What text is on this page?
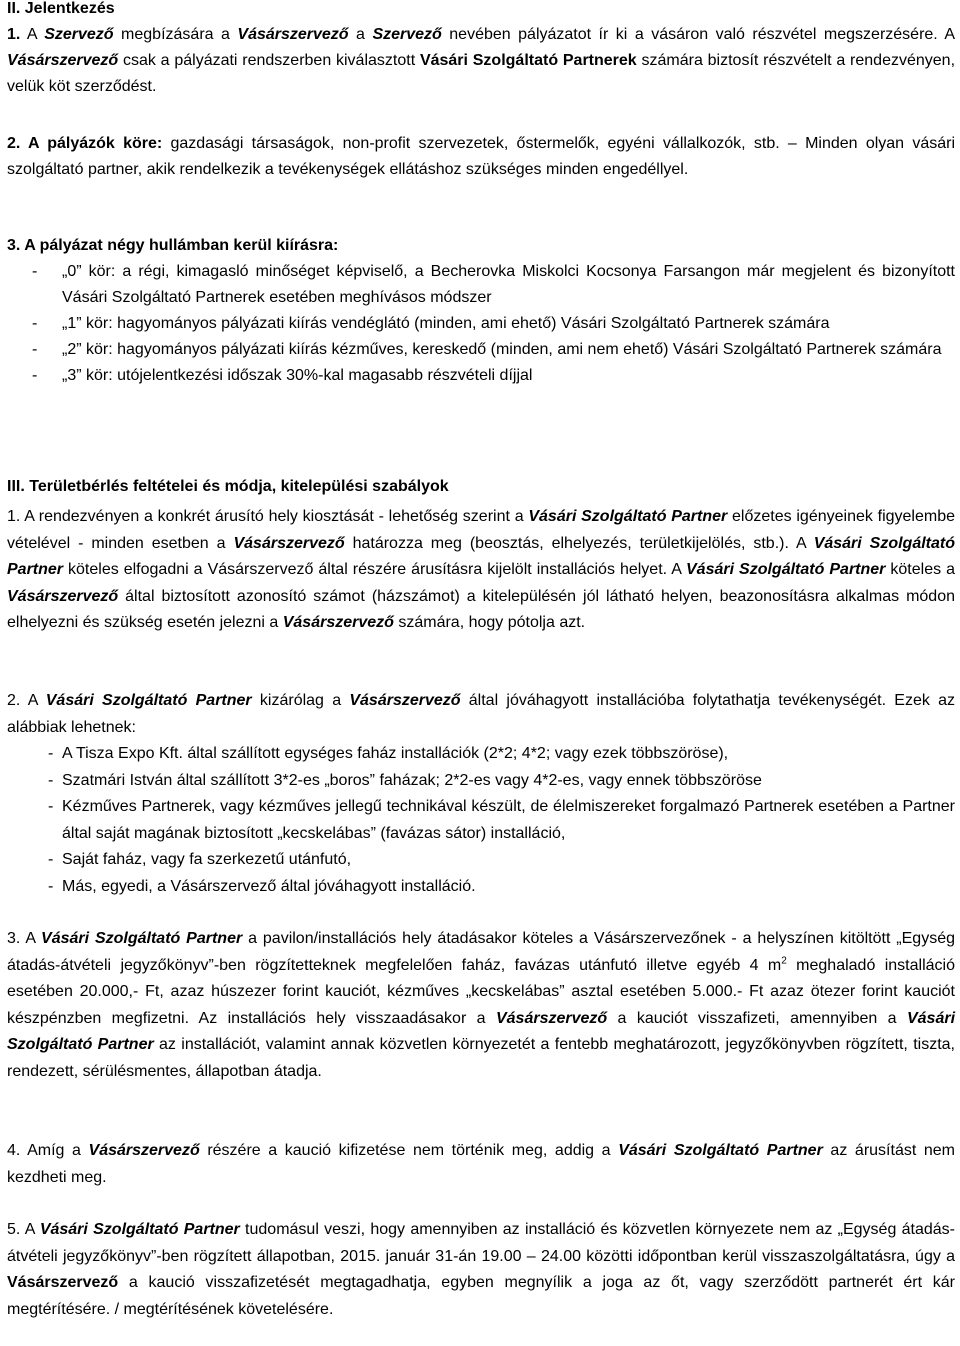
II. Jelentkezés

1. A Szervező megbízására a Vásárszervező a Szervező nevében pályázatot ír ki a vásáron való részvétel megszerzésére. A Vásárszervező csak a pályázati rendszerben kiválasztott Vásári Szolgáltató Partnerek számára biztosít részvételt a rendezvényen, velük köt szerződést.

2. A pályázók köre: gazdasági társaságok, non-profit szervezetek, őstermelők, egyéni vállalkozók, stb. – Minden olyan vásári szolgáltató partner, akik rendelkezik a tevékenységek ellátáshoz szükséges minden engedéllyel.

3. A pályázat négy hullámban kerül kiírásra:

- „0” kör: a régi, kimagasló minőséget képviselő, a Becherovka Miskolci Kocsonya Farsangon már megjelent és bizonyított Vásári Szolgáltató Partnerek esetében meghívásos módszer
- „1” kör: hagyományos pályázati kiírás vendéglátó (minden, ami ehető) Vásári Szolgáltató Partnerek számára
- „2” kör: hagyományos pályázati kiírás kézműves, kereskedő (minden, ami nem ehető) Vásári Szolgáltató Partnerek számára
- „3” kör: utójelentkezési időszak 30%-kal magasabb részvételi díjjal

III. Területbérlés feltételei és módja, kitelepülési szabályok

1. A rendezvényen a konkrét árusító hely kiosztását - lehetőség szerint a Vásári Szolgáltató Partner előzetes igényeinek figyelembe vételével - minden esetben a Vásárszervező határozza meg (beosztás, elhelyezés, területkijelölés, stb.). A Vásári Szolgáltató Partner köteles elfogadni a Vásárszervező által részére árusításra kijelölt installációs helyet. A Vásári Szolgáltató Partner köteles a Vásárszervező által biztosított azonosító számot (házszámot) a kitelepülésén jól látható helyen, beazonosításra alkalmas módon elhelyezni és szükség esetén jelezni a Vásárszervező számára, hogy pótolja azt.

2. A Vásári Szolgáltató Partner kizárólag a Vásárszervező által jóváhagyott installációba folytathatja tevékenységét. Ezek az alábbiak lehetnek:

- A Tisza Expo Kft. által szállított egységes faház installációk (2*2; 4*2; vagy ezek többszöröse),
- Szatmári István által szállított 3*2-es „boros” faházak; 2*2-es vagy 4*2-es, vagy ennek többszöröse
- Kézműves Partnerek, vagy kézműves jellegű technikával készült, de élelmiszereket forgalmazó Partnerek esetében a Partner által saját magának biztosított „kecskelábas” (favázas sátor) installáció,
- Saját faház, vagy fa szerkezetű utánfutó,
- Más, egyedi, a Vásárszervező által jóváhagyott installáció.

3. A Vásári Szolgáltató Partner a pavilon/installációs hely átadásakor köteles a Vásárszervezőnek - a helyszínen kitöltött „Egység átadás-átvételi jegyzőkönyv”-ben rögzítetteknek megfelelően faház, favázas utánfutó illetve egyéb 4 $m^2$ meghaladó installáció esetében 20.000,- Ft, azaz húszezer forint kauciót, kézműves „kecskelábas” asztal esetében 5.000.- Ft azaz ötezer forint kauciót készpénzben megfizetni. Az installációs hely visszaadásakor a Vásárszervező a kauciót visszafizeti, amennyiben a Vásári Szolgáltató Partner az installációt, valamint annak közvetlen környezetét a fentebb meghatározott, jegyzőkönyvben rögzített, tiszta, rendezett, sérülésmentes, állapotban átadja.

4. Amíg a Vásárszervező részére a kaució kifizetése nem történik meg, addig a Vásári Szolgáltató Partner az árusítást nem kezdheti meg.

5. A Vásári Szolgáltató Partner tudomásul veszi, hogy amennyiben az installáció és közvetlen környezete nem az „Egység átadás-átvételi jegyzőkönyv”-ben rögzített állapotban, 2015. január 31-án 19.00 – 24.00 közötti időpontban kerül visszaszolgáltatásra, úgy a Vásárszervező a kaució visszafizetését megtagadhatja, egyben megnyílik a joga az őt, vagy szerződött partnerét ért kár megtérítésére. / megtérítésének követelésére.
